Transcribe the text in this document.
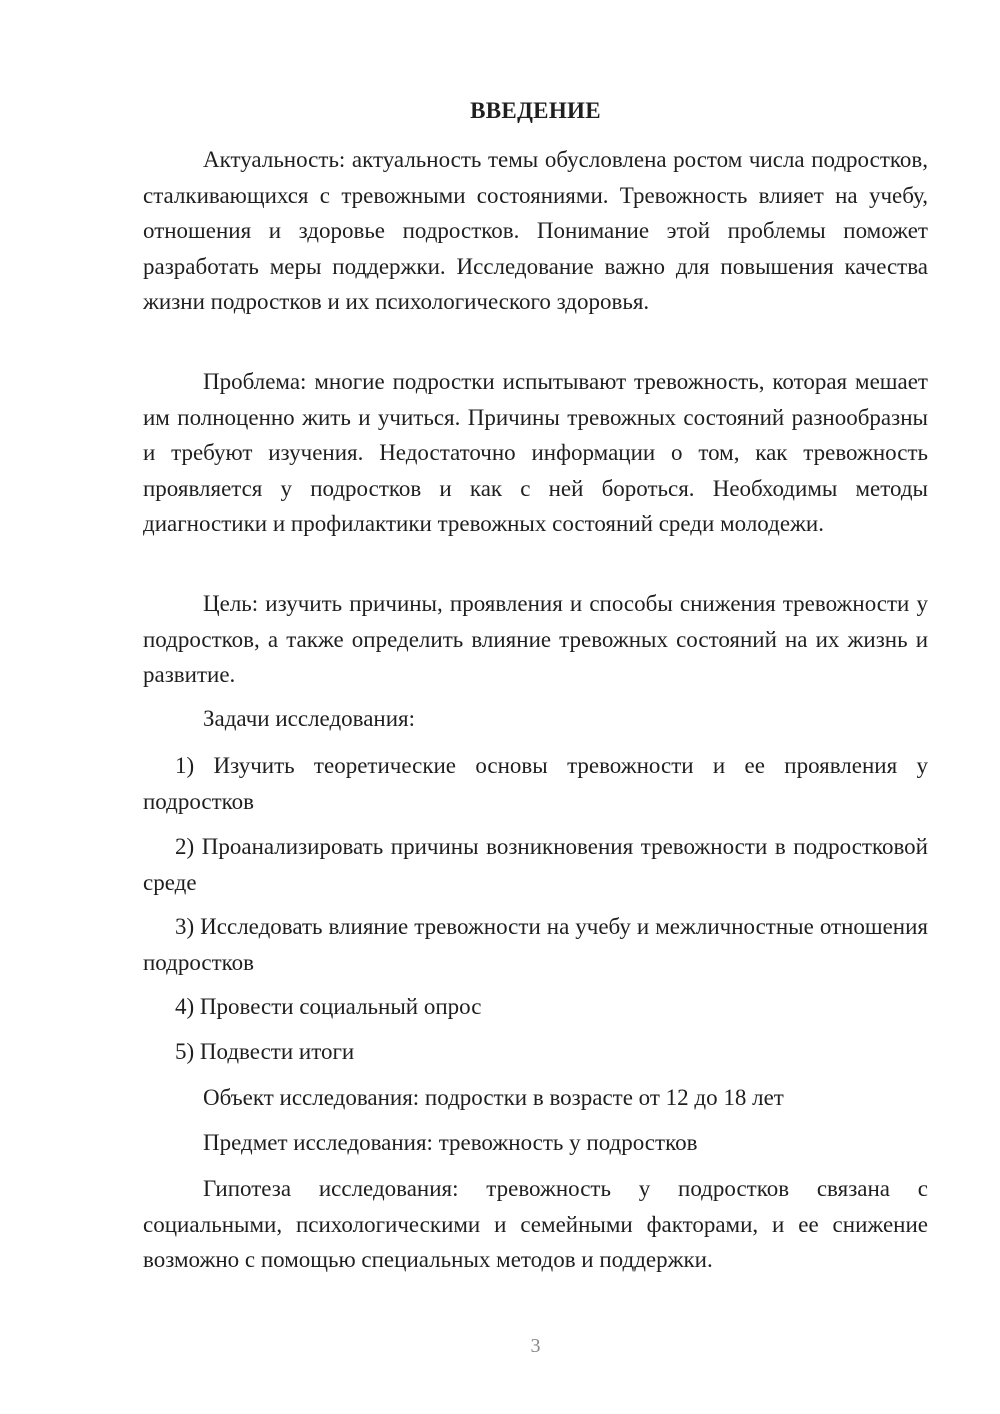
ВВЕДЕНИЕ

Актуальность: актуальность темы обусловлена ростом числа подростков, сталкивающихся с тревожными состояниями. Тревожность влияет на учебу, отношения и здоровье подростков. Понимание этой проблемы поможет разработать меры поддержки. Исследование важно для повышения качества жизни подростков и их психологического здоровья.

Проблема: многие подростки испытывают тревожность, которая мешает им полноценно жить и учиться. Причины тревожных состояний разнообразны и требуют изучения. Недостаточно информации о том, как тревожность проявляется у подростков и как с ней бороться. Необходимы методы диагностики и профилактики тревожных состояний среди молодежи.

Цель: изучить причины, проявления и способы снижения тревожности у подростков, а также определить влияние тревожных состояний на их жизнь и развитие.

Задачи исследования:

1) Изучить теоретические основы тревожности и ее проявления у подростков

2) Проанализировать причины возникновения тревожности в подростковой среде

3) Исследовать влияние тревожности на учебу и межличностные отношения подростков

4) Провести социальный опрос

5) Подвести итоги

Объект исследования: подростки в возрасте от 12 до 18 лет

Предмет исследования: тревожность у подростков

Гипотеза исследования: тревожность у подростков связана с социальными, психологическими и семейными факторами, и ее снижение возможно с помощью специальных методов и поддержки.

3
